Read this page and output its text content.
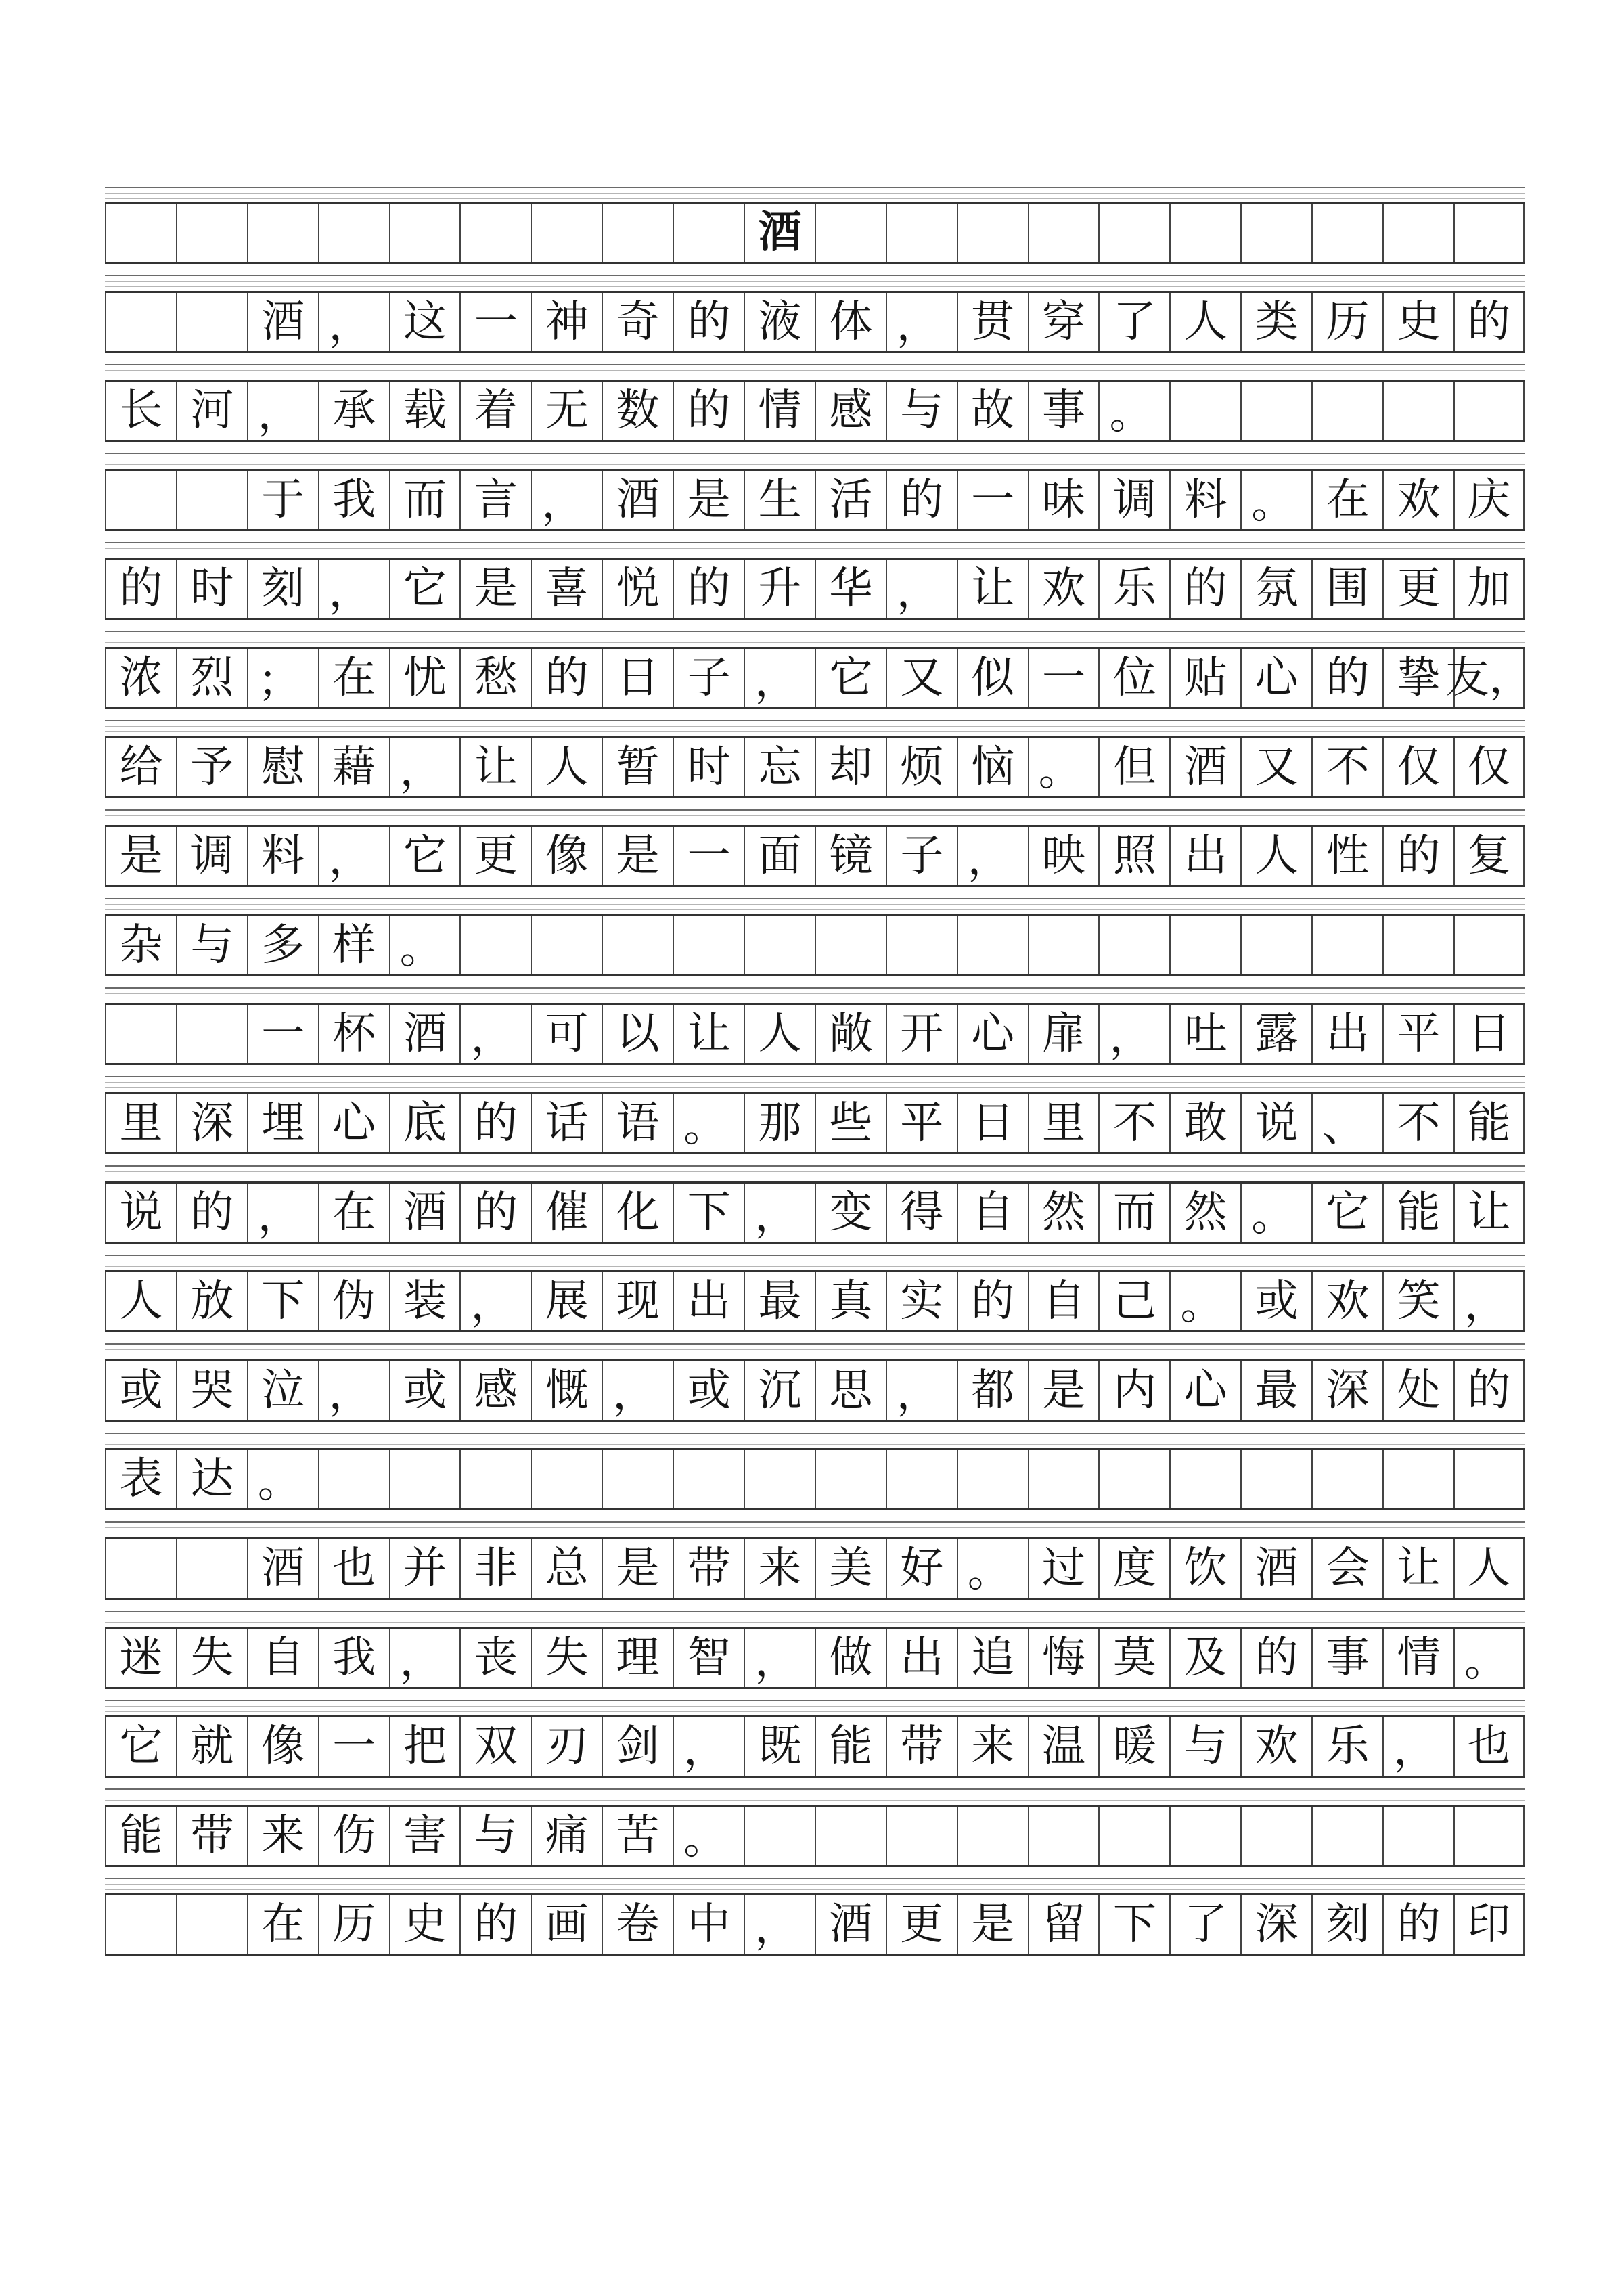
酒
酒 ， 这 一 神 奇 的 液 体 ， 贯 穿 了 人 类 历 史 的
长 河 ， 承 载 着 无 数 的 情 感 与 故 事 。
于 我 而 言 ， 酒 是 生 活 的 一 味 调 料 。 在 欢 庆
的 时 刻 ， 它 是 喜 悦 的 升 华 ， 让 欢 乐 的 氛 围 更 加
浓 烈 ； 在 忧 愁 的 日 子 ， 它 又 似 一 位 贴 心 的 挚 友，
给 予 慰 藉 ， 让 人 暂 时 忘 却 烦 恼 。 但 酒 又 不 仅 仅
是 调 料 ， 它 更 像 是 一 面 镜 子 ， 映 照 出 人 性 的 复
杂 与 多 样 。
一 杯 酒 ， 可 以 让 人 敞 开 心 扉 ， 吐 露 出 平 日
里 深 埋 心 底 的 话 语 。 那 些 平 日 里 不 敢 说 、 不 能
说 的 ， 在 酒 的 催 化 下 ， 变 得 自 然 而 然 。 它 能 让
人 放 下 伪 装 ， 展 现 出 最 真 实 的 自 己 。 或 欢 笑 ，
或 哭 泣 ， 或 感 慨 ， 或 沉 思 ， 都 是 内 心 最 深 处 的
表 达 。
酒 也 并 非 总 是 带 来 美 好 。 过 度 饮 酒 会 让 人
迷 失 自 我 ， 丧 失 理 智 ， 做 出 追 悔 莫 及 的 事 情 。
它 就 像 一 把 双 刃 剑 ， 既 能 带 来 温 暖 与 欢 乐 ， 也
能 带 来 伤 害 与 痛 苦 。
在 历 史 的 画 卷 中 ， 酒 更 是 留 下 了 深 刻 的 印
